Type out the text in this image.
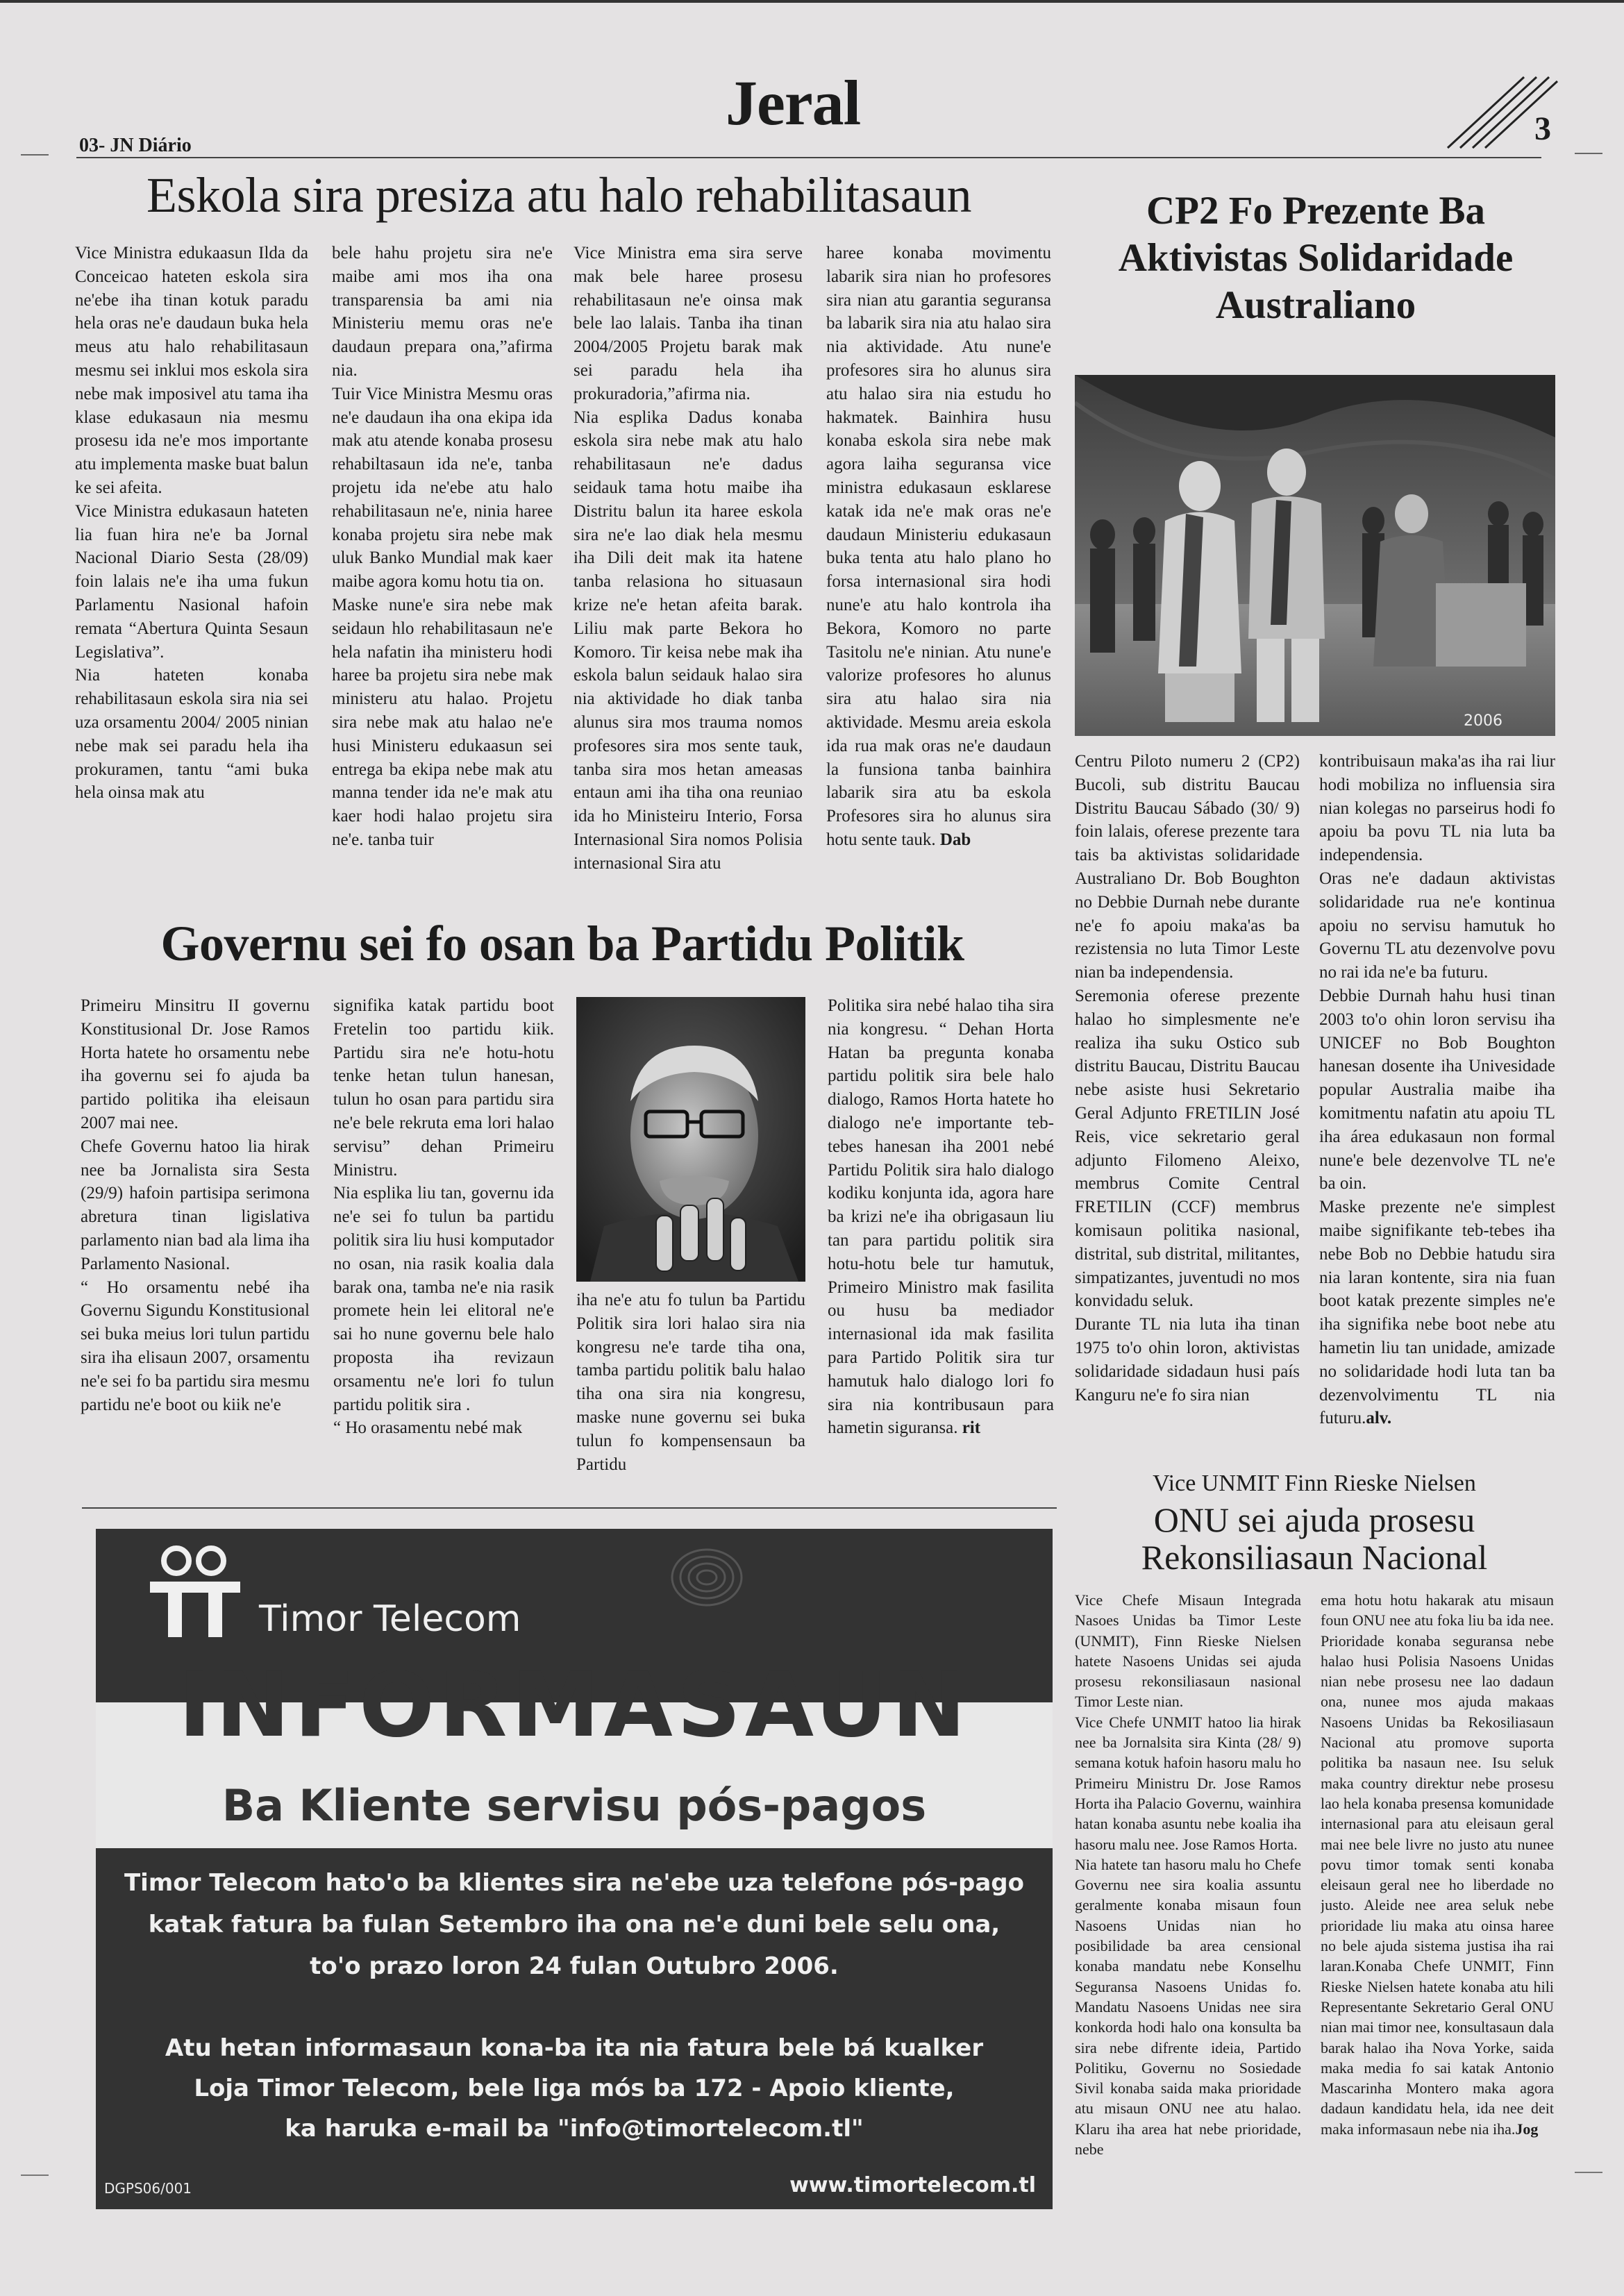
03- JN Diário
Jeral	3
Eskola sira presiza atu halo rehabilitasaun

Vice Ministra edukaasun Ilda da Conceicao hateten eskola sira ne'ebe iha tinan kotuk paradu hela oras ne'e daudaun buka hela meus atu halo rehabilitasaun mesmu sei inklui mos eskola sira nebe mak imposivel atu tama iha klase edukasaun nia mesmu prosesu ida ne'e mos importante atu implementa maske buat balun ke sei afeita.

Vice Ministra edukasaun hateten lia fuan hira ne'e ba Jornal Nacional Diario Sesta (28/09) foin lalais ne'e iha uma fukun Parlamentu Nasional hafoin remata “Abertura Quinta Sesaun Legislativa”.

Nia hateten konaba rehabilitasaun eskola sira nia sei uza orsamentu 2004/ 2005 ninian nebe mak sei paradu hela iha prokuramen, tantu “ami buka hela oinsa mak atu

bele hahu projetu sira ne'e maibe ami mos iha ona transparensia ba ami nia Ministeriu memu oras ne'e daudaun prepara ona,”afirma nia.

Tuir Vice Ministra Mesmu oras ne'e daudaun iha ona ekipa ida mak atu atende konaba prosesu rehabiltasaun ida ne'e, tanba projetu ida ne'ebe atu halo rehabilitasaun ne'e, ninia haree konaba projetu sira nebe mak uluk Banko Mundial mak kaer maibe agora komu hotu tia on.

Maske nune'e sira nebe mak seidaun hlo rehabilitasaun ne'e hela nafatin iha ministeru hodi haree ba projetu sira nebe mak ministeru atu halao. Projetu sira nebe mak atu halao ne'e husi Ministeru edukaasun sei entrega ba ekipa nebe mak atu manna tender ida ne'e mak atu kaer hodi halao projetu sira ne'e. tanba tuir

Vice Ministra ema sira serve mak bele haree prosesu rehabilitasaun ne'e oinsa mak bele lao lalais. Tanba iha tinan 2004/2005 Projetu barak mak sei paradu hela iha prokuradoria,”afirma nia.

Nia esplika Dadus konaba eskola sira nebe mak atu halo rehabilitasaun ne'e dadus seidauk tama hotu maibe iha Distritu balun ita haree eskola sira ne'e lao diak hela mesmu iha Dili deit mak ita hatene tanba relasiona ho situasaun krize ne'e hetan afeita barak. Liliu mak parte Bekora ho Komoro. Tir keisa nebe mak iha eskola balun seidauk halao sira nia aktividade ho diak tanba alunus sira mos trauma nomos profesores sira mos sente tauk, tanba sira mos hetan ameasas entaun ami iha tiha ona reuniao ida ho Ministeiru Interio, Forsa Internasional Sira nomos Polisia internasional Sira atu

haree konaba movimentu labarik sira nian ho profesores sira nian atu garantia seguransa ba labarik sira nia atu halao sira nia aktividade. Atu nune'e profesores sira ho alunus sira atu halao sira nia estudu ho hakmatek. Bainhira husu konaba eskola sira nebe mak agora laiha seguransa vice ministra edukasaun esklarese katak ida ne'e mak oras ne'e daudaun Ministeriu edukasaun buka tenta atu halo plano ho forsa internasional sira hodi nune'e atu halo kontrola iha Bekora, Komoro no parte Tasitolu ne'e ninian. Atu nune'e valorize profesores ho alunus sira atu halao sira nia aktividade. Mesmu areia eskola ida rua mak oras ne'e daudaun la funsiona tanba bainhira labarik sira atu ba eskola Profesores sira ho alunus sira hotu sente tauk. Dab

Governu sei fo osan ba Partidu Politik

Primeiru Minsitru II governu Konstitusional Dr. Jose Ramos Horta hatete ho orsamentu nebe iha governu sei fo ajuda ba partido politika iha eleisaun 2007 mai nee.

Chefe Governu hatoo lia hirak nee ba Jornalista sira Sesta (29/9) hafoin partisipa serimona abretura tinan ligislativa parlamento nian bad ala lima iha Parlamento Nasional.

“ Ho orsamentu nebé iha Governu Sigundu Konstitusional sei buka meius lori tulun partidu sira iha elisaun 2007, orsamentu ne'e sei fo ba partidu sira mesmu partidu ne'e boot ou kiik ne'e

signifika katak partidu boot Fretelin too partidu kiik. Partidu sira ne'e hotu-hotu tenke hetan tulun hanesan, tulun ho osan para partidu sira ne'e bele rekruta ema lori halao servisu” dehan Primeiru Ministru.

Nia esplika liu tan, governu ida ne'e sei fo tulun ba partidu politik sira liu husi komputador no osan, nia rasik koalia dala barak ona, tamba ne'e nia rasik promete hein lei elitoral ne'e sai ho nune governu bele halo proposta iha revizaun orsamentu ne'e lori fo tulun partidu politik sira .

“ Ho orasamentu nebé mak

iha ne'e atu fo tulun ba Partidu Politik sira lori halao sira nia kongresu ne'e tarde tiha ona, tamba partidu politik balu halao tiha ona sira nia kongresu, maske nune governu sei buka tulun fo kompensensaun ba Partidu

Politika sira nebé halao tiha sira nia kongresu. “ Dehan Horta Hatan ba pregunta konaba partidu politik sira bele halo dialogo, Ramos Horta hatete ho dialogo ne'e importante teb-tebes hanesan iha 2001 nebé Partidu Politik sira halo dialogo kodiku konjunta ida, agora hare ba krizi ne'e iha obrigasaun liu tan para partidu politik sira hotu-hotu bele tur hamutuk, Primeiro Ministro mak fasilita ou husu ba mediador internasional ida mak fasilita para Partido Politik sira tur hamutuk halo dialogo lori fo sira nia kontribusaun para hametin siguransa. rit

CP2 Fo Prezente Ba Aktivistas Solidaridade Australiano
2006

Centru Piloto numeru 2 (CP2) Bucoli, sub distritu Baucau Distritu Baucau Sábado (30/ 9) foin lalais, oferese prezente tara tais ba aktivistas solidaridade Australiano Dr. Bob Boughton no Debbie Durnah nebe durante ne'e fo apoiu maka'as ba rezistensia no luta Timor Leste nian ba independensia.

Seremonia oferese prezente halao ho simplesmente ne'e realiza iha suku Ostico sub distritu Baucau, Distritu Baucau nebe asiste husi Sekretario Geral Adjunto FRETILIN José Reis, vice sekretario geral adjunto Filomeno Aleixo, membrus Comite Central FRETILIN (CCF) membrus komisaun politika nasional, distrital, sub distrital, militantes, simpatizantes, juventudi no mos konvidadu seluk.

Durante TL nia luta iha tinan 1975 to'o ohin loron, aktivistas solidaridade sidadaun husi país Kanguru ne'e fo sira nian

kontribuisaun maka'as iha rai liur hodi mobiliza no influensia sira nian kolegas no parseirus hodi fo apoiu ba povu TL nia luta ba independensia.

Oras ne'e dadaun aktivistas solidaridade rua ne'e kontinua apoiu no servisu hamutuk ho Governu TL atu dezenvolve povu no rai ida ne'e ba futuru.

Debbie Durnah hahu husi tinan 2003 to'o ohin loron servisu iha UNICEF no Bob Boughton hanesan dosente iha Univesidade popular Australia maibe iha komitmentu nafatin atu apoiu TL iha área edukasaun non formal nune'e bele dezenvolve TL ne'e ba oin.

Maske prezente ne'e simplest maibe signifikante teb-tebes iha nebe Bob no Debbie hatudu sira nia laran kontente, sira nia fuan boot katak prezente simples ne'e iha signifika nebe boot nebe atu hametin liu tan unidade, amizade no solidaridade hodi luta tan ba dezenvolvimentu TL nia futuru.alv.

Vice UNMIT Finn Rieske Nielsen
ONU sei ajuda prosesu
Rekonsiliasaun Nacional

Vice Chefe Misaun Integrada Nasoes Unidas ba Timor Leste (UNMIT), Finn Rieske Nielsen hatete Nasoens Unidas sei ajuda prosesu rekonsiliasaun nasional Timor Leste nian.

Vice Chefe UNMIT hatoo lia hirak nee ba Jornalsita sira Kinta (28/ 9) semana kotuk hafoin hasoru malu ho Primeiru Ministru Dr. Jose Ramos Horta iha Palacio Governu, wainhira hatan konaba asuntu nebe koalia iha hasoru malu nee. Jose Ramos Horta.

Nia hatete tan hasoru malu ho Chefe Governu nee sira koalia assuntu geralmente konaba misaun foun Nasoens Unidas nian ho posibilidade ba area censional konaba mandatu nebe Konselhu Seguransa Nasoens Unidas fo. Mandatu Nasoens Unidas nee sira konkorda hodi halo ona konsulta ba sira nebe difrente ideia, Partido Politiku, Governu no Sosiedade Sivil konaba saida maka prioridade atu misaun ONU nee atu halao. Klaru iha area hat nebe prioridade, nebe

ema hotu hotu hakarak atu misaun foun ONU nee atu foka liu ba ida nee. Prioridade konaba seguransa nebe halao husi Polisia Nasoens Unidas nian nebe prosesu nee lao dadaun ona, nunee mos ajuda makaas Nasoens Unidas ba Rekosiliasaun Nacional atu promove suporta politika ba nasaun nee. Isu seluk maka country direktur nebe prosesu lao hela konaba presensa komunidade internasional para atu eleisaun geral mai nee bele livre no justo atu nunee povu timor tomak senti konaba eleisaun geral nee ho liberdade no justo. Aleide nee area seluk nebe prioridade liu maka atu oinsa haree no bele ajuda sistema justisa iha rai laran.Konaba Chefe UNMIT, Finn Rieske Nielsen hatete konaba atu hili Representante Sekretario Geral ONU nian mai timor nee, konsultasaun dala barak halao iha Nova Yorke, saida maka media fo sai katak Antonio Mascarinha Montero maka agora dadaun kandidatu hela, ida nee deit maka informasaun nebe nia iha.Jog

Timor Telecom
INFORMASAUN
Ba Kliente servisu pós-pagos
Timor Telecom hato'o ba klientes sira ne'ebe uza telefone pós-pago
katak fatura ba fulan Setembro iha ona ne'e duni bele selu ona,
to'o prazo loron 24 fulan Outubro 2006.
Atu hetan informasaun kona-ba ita nia fatura bele bá kualker
Loja Timor Telecom, bele liga mós ba 172 - Apoio kliente,
ka haruka e-mail ba "info@timortelecom.tl"
DGPS06/001	www.timortelecom.tl
